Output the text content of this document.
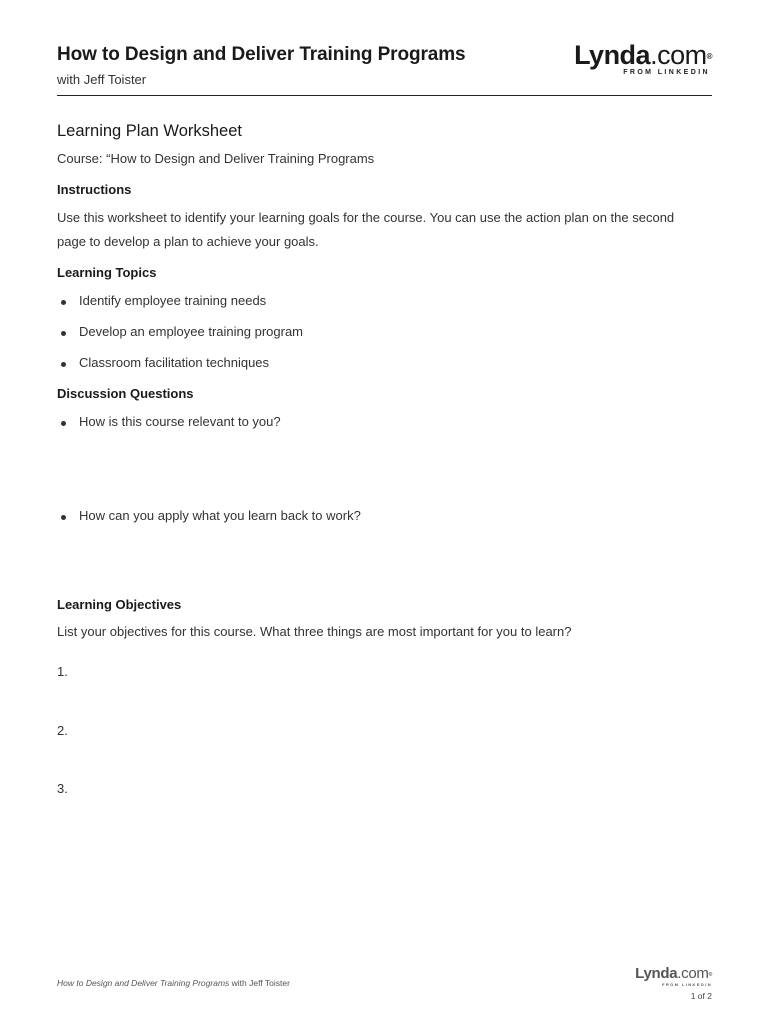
How to Design and Deliver Training Programs
with Jeff Toister
Lynda.com®
FROM LINKEDIN
Learning Plan Worksheet
Course: “How to Design and Deliver Training Programs
Instructions
Use this worksheet to identify your learning goals for the course. You can use the action plan on the second page to develop a plan to achieve your goals.
Learning Topics
Identify employee training needs
Develop an employee training program
Classroom facilitation techniques
Discussion Questions
How is this course relevant to you?
How can you apply what you learn back to work?
Learning Objectives
List your objectives for this course. What three things are most important for you to learn?
1.
2.
3.
How to Design and Deliver Training Programs with Jeff Toister
Lynda.com®
FROM LINKEDIN
1 of 2
